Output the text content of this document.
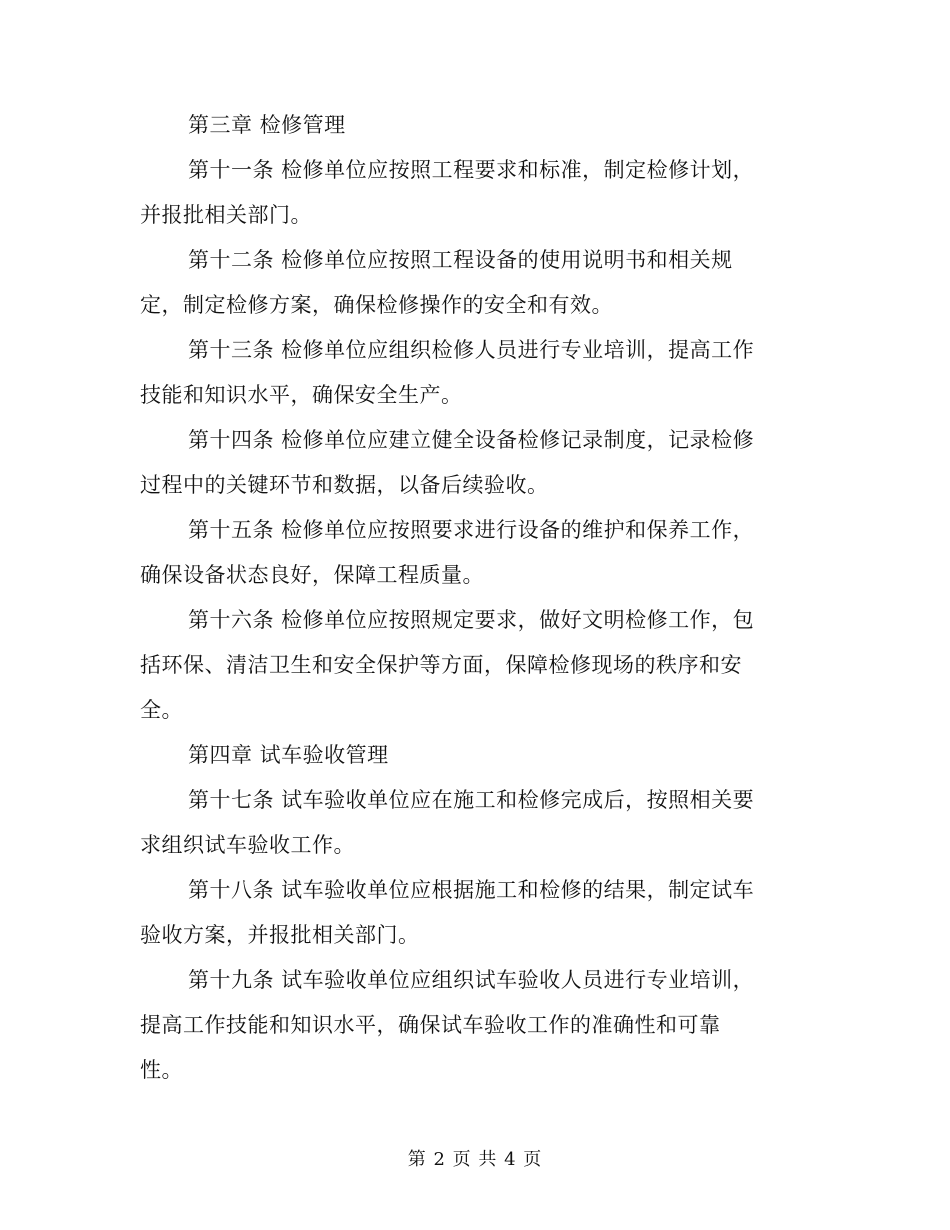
第三章 检修管理
第十一条 检修单位应按照工程要求和标准，制定检修计划，
并报批相关部门。
第十二条 检修单位应按照工程设备的使用说明书和相关规
定，制定检修方案，确保检修操作的安全和有效。
第十三条 检修单位应组织检修人员进行专业培训，提高工作
技能和知识水平，确保安全生产。
第十四条 检修单位应建立健全设备检修记录制度，记录检修
过程中的关键环节和数据，以备后续验收。
第十五条 检修单位应按照要求进行设备的维护和保养工作，
确保设备状态良好，保障工程质量。
第十六条 检修单位应按照规定要求，做好文明检修工作，包
括环保、清洁卫生和安全保护等方面，保障检修现场的秩序和安
全。
第四章 试车验收管理
第十七条 试车验收单位应在施工和检修完成后，按照相关要
求组织试车验收工作。
第十八条 试车验收单位应根据施工和检修的结果，制定试车
验收方案，并报批相关部门。
第十九条 试车验收单位应组织试车验收人员进行专业培训，
提高工作技能和知识水平，确保试车验收工作的准确性和可靠
性。
第 2 页 共 4 页
